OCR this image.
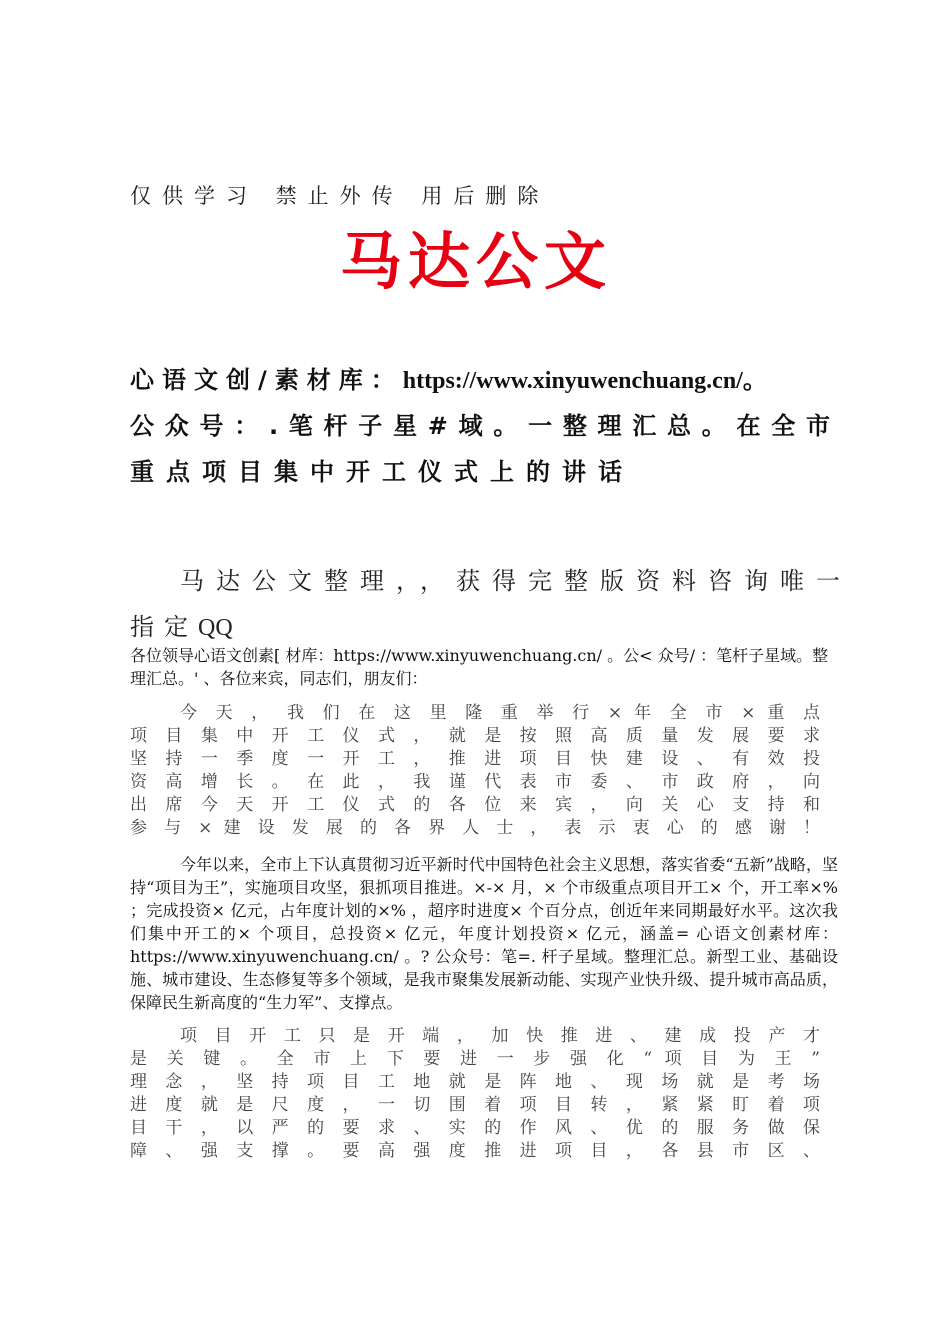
仅供学习 禁止外传 用后删除
马达公文
心语文创/素材库：https://www.xinyuwenchuang.cn/。
公众号：.笔杆子星#域。一整理汇总。在全市
重点项目集中开工仪式上的讲话
马达公文整理，，获得完整版资料咨询唯一
指定QQ
各位领导心语文创素[ 材库：https://www.xinyuwenchuang.cn/ 。公< 众号/ ：笔杆子星域。整理汇总。' 、各位来宾，同志们，朋友们：
今 天 ， 我 们 在 这 里 隆 重 举 行 × 年 全 市 × 重 点
项 目 集 中 开 工 仪 式 ， 就 是 按 照 高 质 量 发 展 要 求
坚 持 一 季 度 一 开 工 ， 推 进 项 目 快 建 设 、 有 效 投
资 高 增 长 。 在 此 ， 我 谨 代 表 市 委 、 市 政 府 ， 向
出 席 今 天 开 工 仪 式 的 各 位 来 宾 ， 向 关 心 支 持 和
参 与 × 建 设 发 展 的 各 界 人 士 ， 表 示 衷 心 的 感 谢 ！
今年以来，全市上下认真贯彻习近平新时代中国特色社会主义思想，落实省委“五新”战略，坚持“项目为王”，实施项目攻坚，狠抓项目推进。×-× 月，× 个市级重点项目开工× 个，开工率×% ；完成投资× 亿元，占年度计划的×% ，超序时进度× 个百分点，创近年来同期最好水平。这次我们集中开工的× 个项目，总投资× 亿元，年度计划投资× 亿元，涵盖= 心语文创素材库：https://www.xinyuwenchuang.cn/ 。? 公众号：笔=. 杆子星域。整理汇总。新型工业、基础设施、城市建设、生态修复等多个领域，是我市聚集发展新动能、实现产业快升级、提升城市高品质，保障民生新高度的“生力军”、支撑点。
项 目 开 工 只 是 开 端 ， 加 快 推 进 、 建 成 投 产 才
是 关 键 。 全 市 上 下 要 进 一 步 强 化 “ 项 目 为 王 ”
理 念 ， 坚 持 项 目 工 地 就 是 阵 地 、 现 场 就 是 考 场
进 度 就 是 尺 度 ， 一 切 围 着 项 目 转 ， 紧 紧 盯 着 项
目 干 ， 以 严 的 要 求 、 实 的 作 风 、 优 的 服 务 做 保
障 、 强 支 撑 。 要 高 强 度 推 进 项 目 ， 各 县 市 区 、
